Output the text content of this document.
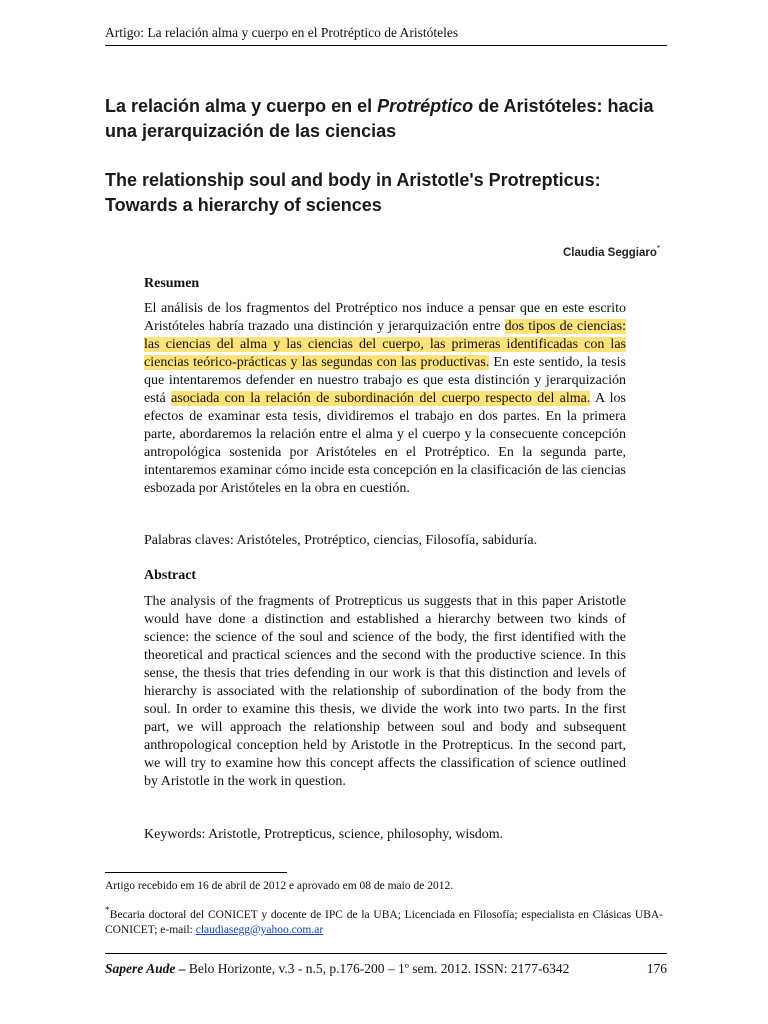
Artigo: La relación alma y cuerpo en el Protréptico de Aristóteles
La relación alma y cuerpo en el Protréptico de Aristóteles: hacia una jerarquización de las ciencias
The relationship soul and body in Aristotle's Protrepticus: Towards a hierarchy of sciences
Claudia Seggiaro*
Resumen

El análisis de los fragmentos del Protréptico nos induce a pensar que en este escrito Aristóteles habría trazado una distinción y jerarquización entre dos tipos de ciencias: las ciencias del alma y las ciencias del cuerpo, las primeras identificadas con las ciencias teórico-prácticas y las segundas con las productivas. En este sentido, la tesis que intentaremos defender en nuestro trabajo es que esta distinción y jerarquización está asociada con la relación de subordinación del cuerpo respecto del alma. A los efectos de examinar esta tesis, dividiremos el trabajo en dos partes. En la primera parte, abordaremos la relación entre el alma y el cuerpo y la consecuente concepción antropológica sostenida por Aristóteles en el Protréptico. En la segunda parte, intentaremos examinar cómo incide esta concepción en la clasificación de las ciencias esbozada por Aristóteles en la obra en cuestión.

Palabras claves: Aristóteles, Protréptico, ciencias, Filosofía, sabiduría.

Abstract

The analysis of the fragments of Protrepticus us suggests that in this paper Aristotle would have done a distinction and established a hierarchy between two kinds of science: the science of the soul and science of the body, the first identified with the theoretical and practical sciences and the second with the productive science. In this sense, the thesis that tries defending in our work is that this distinction and levels of hierarchy is associated with the relationship of subordination of the body from the soul. In order to examine this thesis, we divide the work into two parts. In the first part, we will approach the relationship between soul and body and subsequent anthropological conception held by Aristotle in the Protrepticus. In the second part, we will try to examine how this concept affects the classification of science outlined by Aristotle in the work in question.

Keywords: Aristotle, Protrepticus, science, philosophy, wisdom.

Artigo recebido em 16 de abril de 2012 e aprovado em 08 de maio de 2012.

*Becaria doctoral del CONICET y docente de IPC de la UBA; Licenciada en Filosofía; especialista en Clásicas UBA- CONICET; e-mail: claudiasegg@yahoo.com.ar

Sapere Aude – Belo Horizonte, v.3 - n.5, p.176-200 – 1º sem. 2012. ISSN: 2177-6342	176
